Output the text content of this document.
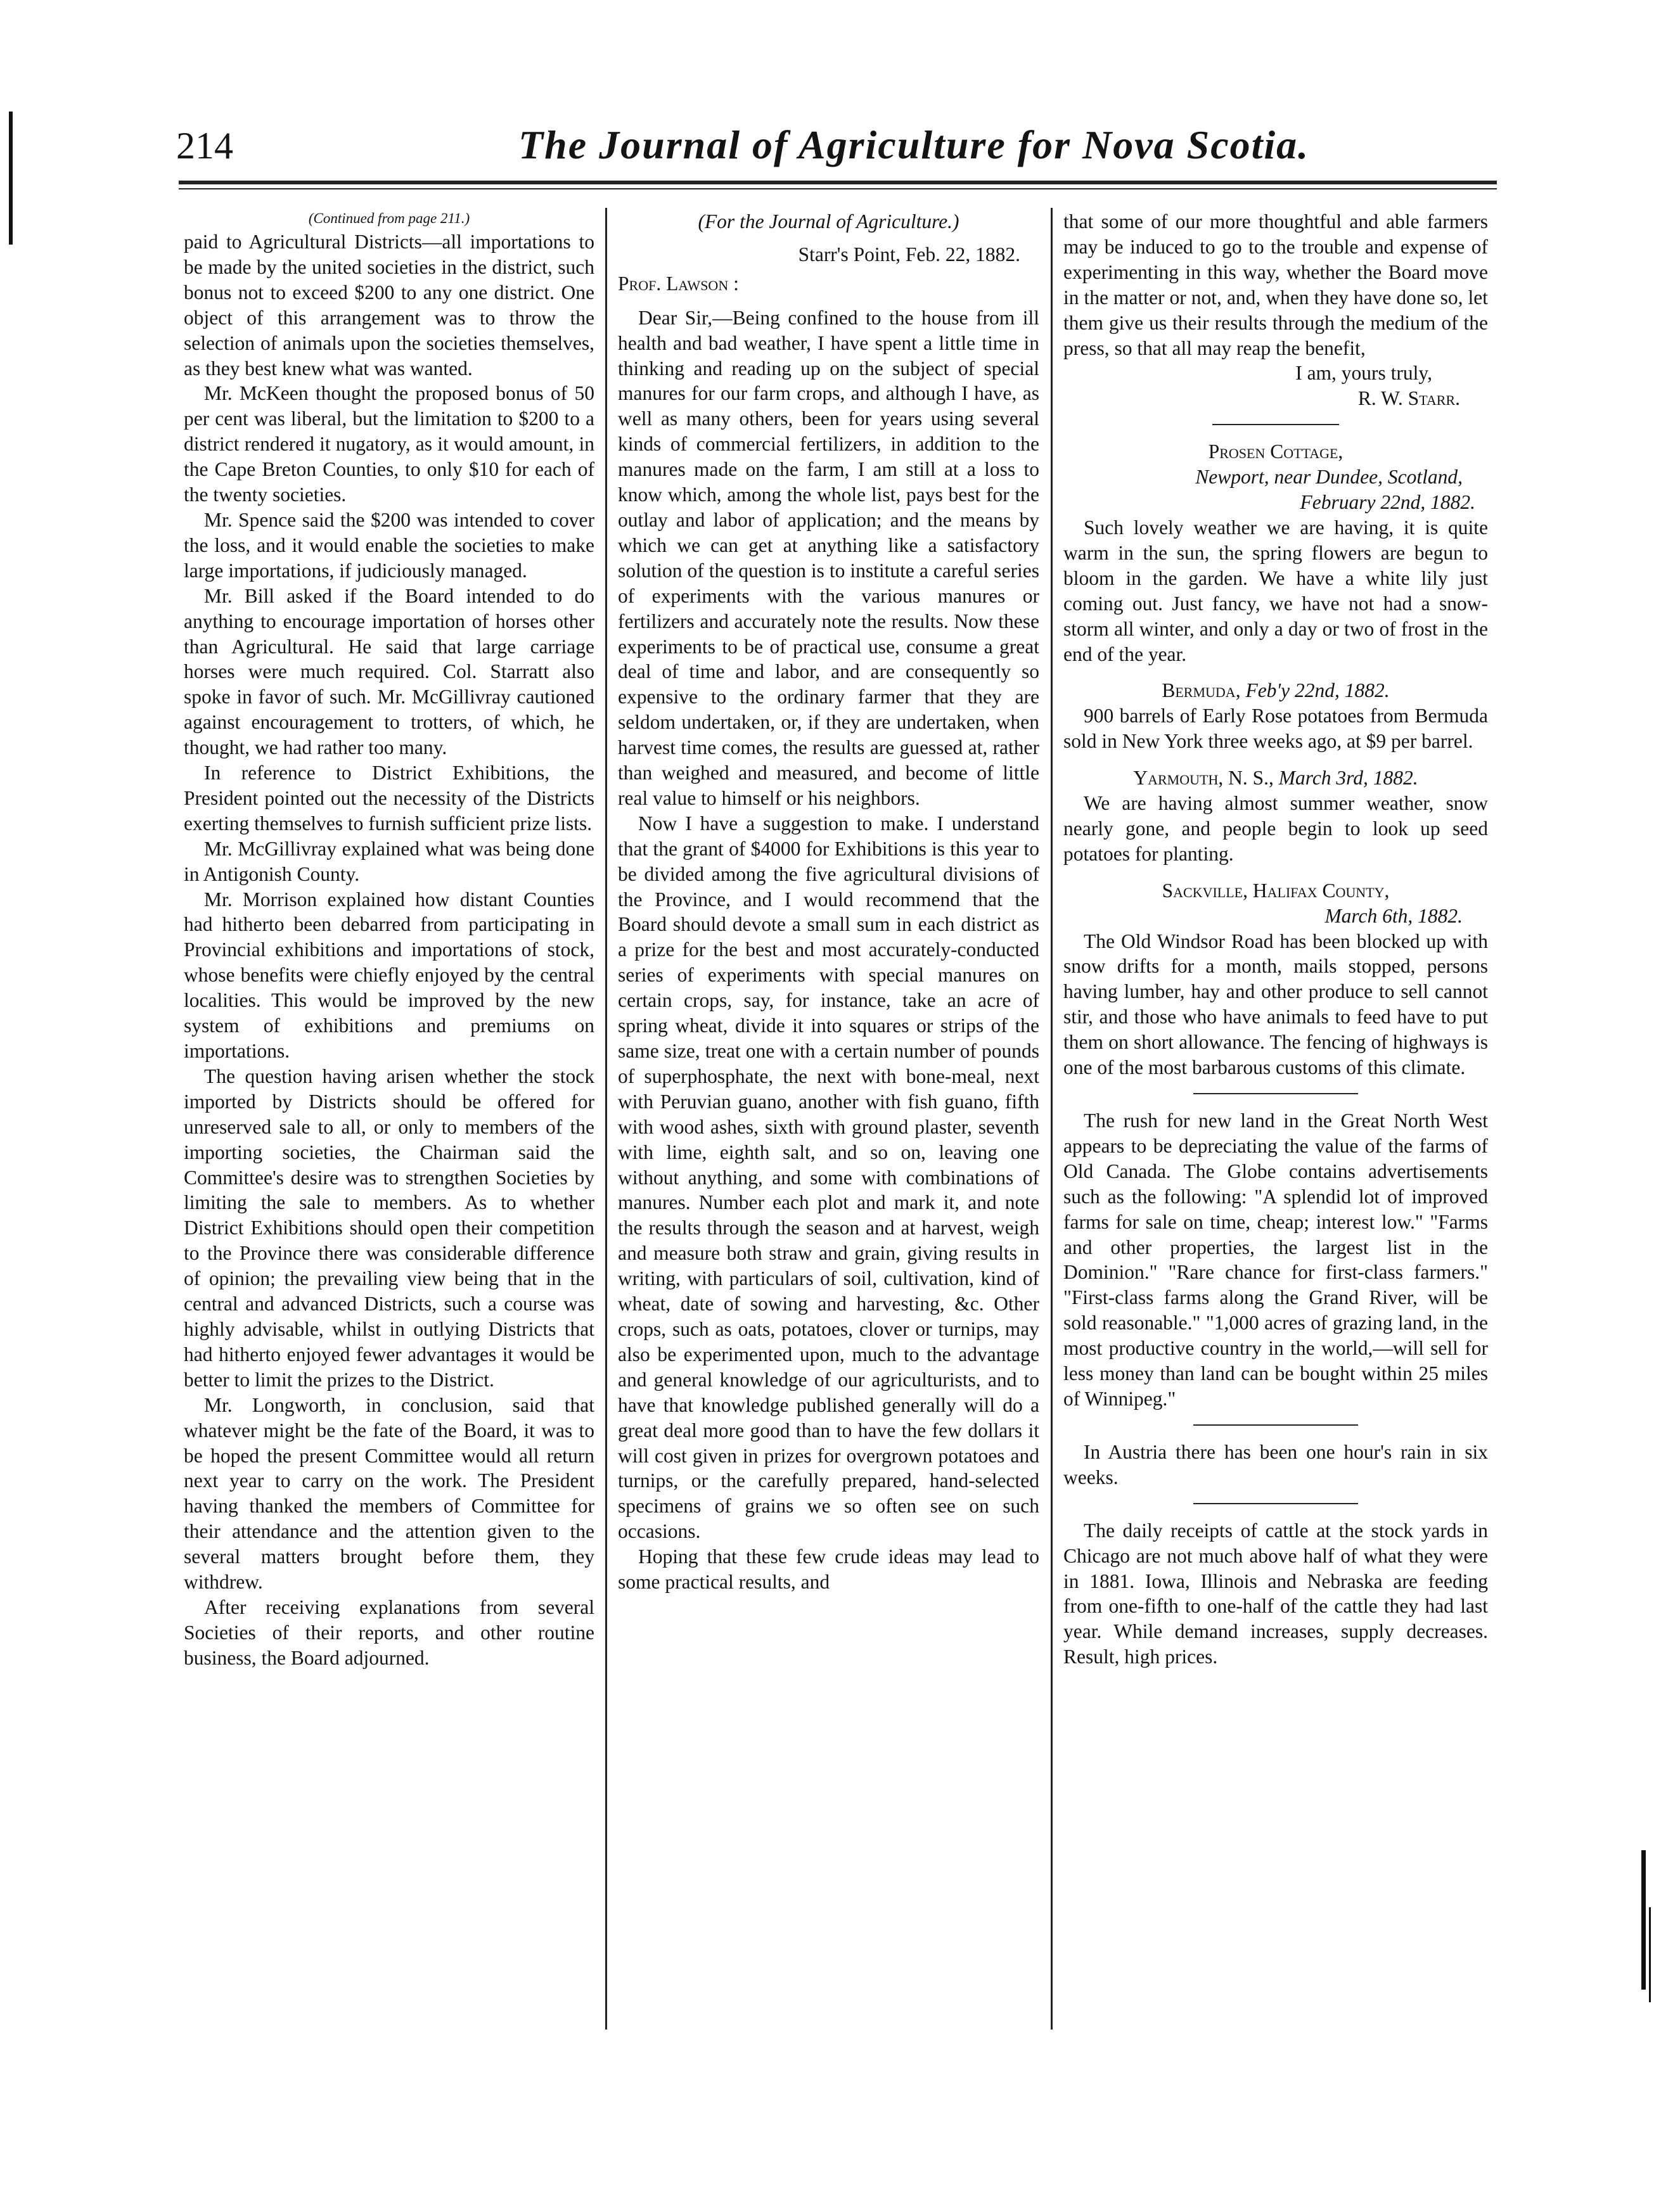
214	The Journal of Agriculture for Nova Scotia.
(Continued from page 211.)

paid to Agricultural Districts—all importations to be made by the united societies in the district, such bonus not to exceed $200 to any one district. One object of this arrangement was to throw the selection of animals upon the societies themselves, as they best knew what was wanted.

Mr. McKeen thought the proposed bonus of 50 per cent was liberal, but the limitation to $200 to a district rendered it nugatory, as it would amount, in the Cape Breton Counties, to only $10 for each of the twenty societies.

Mr. Spence said the $200 was intended to cover the loss, and it would enable the societies to make large importations, if judiciously managed.

Mr. Bill asked if the Board intended to do anything to encourage importation of horses other than Agricultural. He said that large carriage horses were much required. Col. Starratt also spoke in favor of such. Mr. McGillivray cautioned against encouragement to trotters, of which, he thought, we had rather too many.

In reference to District Exhibitions, the President pointed out the necessity of the Districts exerting themselves to furnish sufficient prize lists.

Mr. McGillivray explained what was being done in Antigonish County.

Mr. Morrison explained how distant Counties had hitherto been debarred from participating in Provincial exhibitions and importations of stock, whose benefits were chiefly enjoyed by the central localities. This would be improved by the new system of exhibitions and premiums on importations.

The question having arisen whether the stock imported by Districts should be offered for unreserved sale to all, or only to members of the importing societies, the Chairman said the Committee's desire was to strengthen Societies by limiting the sale to members. As to whether District Exhibitions should open their competition to the Province there was considerable difference of opinion; the prevailing view being that in the central and advanced Districts, such a course was highly advisable, whilst in outlying Districts that had hitherto enjoyed fewer advantages it would be better to limit the prizes to the District.

Mr. Longworth, in conclusion, said that whatever might be the fate of the Board, it was to be hoped the present Committee would all return next year to carry on the work. The President having thanked the members of Committee for their attendance and the attention given to the several matters brought before them, they withdrew.

After receiving explanations from several Societies of their reports, and other routine business, the Board adjourned.

(For the Journal of Agriculture.)
Starr's Point, Feb. 22, 1882.
Prof. Lawson :

Dear Sir,—Being confined to the house from ill health and bad weather, I have spent a little time in thinking and reading up on the subject of special manures for our farm crops, and although I have, as well as many others, been for years using several kinds of commercial fertilizers, in addition to the manures made on the farm, I am still at a loss to know which, among the whole list, pays best for the outlay and labor of application; and the means by which we can get at anything like a satisfactory solution of the question is to institute a careful series of experiments with the various manures or fertilizers and accurately note the results. Now these experiments to be of practical use, consume a great deal of time and labor, and are consequently so expensive to the ordinary farmer that they are seldom undertaken, or, if they are undertaken, when harvest time comes, the results are guessed at, rather than weighed and measured, and become of little real value to himself or his neighbors.

Now I have a suggestion to make. I understand that the grant of $4000 for Exhibitions is this year to be divided among the five agricultural divisions of the Province, and I would recommend that the Board should devote a small sum in each district as a prize for the best and most accurately-conducted series of experiments with special manures on certain crops, say, for instance, take an acre of spring wheat, divide it into squares or strips of the same size, treat one with a certain number of pounds of superphosphate, the next with bone-meal, next with Peruvian guano, another with fish guano, fifth with wood ashes, sixth with ground plaster, seventh with lime, eighth salt, and so on, leaving one without anything, and some with combinations of manures. Number each plot and mark it, and note the results through the season and at harvest, weigh and measure both straw and grain, giving results in writing, with particulars of soil, cultivation, kind of wheat, date of sowing and harvesting, &c. Other crops, such as oats, potatoes, clover or turnips, may also be experimented upon, much to the advantage and general knowledge of our agriculturists, and to have that knowledge published generally will do a great deal more good than to have the few dollars it will cost given in prizes for overgrown potatoes and turnips, or the carefully prepared, hand-selected specimens of grains we so often see on such occasions.

Hoping that these few crude ideas may lead to some practical results, and

that some of our more thoughtful and able farmers may be induced to go to the trouble and expense of experimenting in this way, whether the Board move in the matter or not, and, when they have done so, let them give us their results through the medium of the press, so that all may reap the benefit,

I am, yours truly,
R. W. Starr.
Prosen Cottage,
Newport, near Dundee, Scotland,
February 22nd, 1882.

Such lovely weather we are having, it is quite warm in the sun, the spring flowers are begun to bloom in the garden. We have a white lily just coming out. Just fancy, we have not had a snow-storm all winter, and only a day or two of frost in the end of the year.

Bermuda, Feb'y 22nd, 1882.

900 barrels of Early Rose potatoes from Bermuda sold in New York three weeks ago, at $9 per barrel.

Yarmouth, N. S., March 3rd, 1882.

We are having almost summer weather, snow nearly gone, and people begin to look up seed potatoes for planting.

Sackville, Halifax County,
March 6th, 1882.

The Old Windsor Road has been blocked up with snow drifts for a month, mails stopped, persons having lumber, hay and other produce to sell cannot stir, and those who have animals to feed have to put them on short allowance. The fencing of highways is one of the most barbarous customs of this climate.

The rush for new land in the Great North West appears to be depreciating the value of the farms of Old Canada. The Globe contains advertisements such as the following: "A splendid lot of improved farms for sale on time, cheap; interest low." "Farms and other properties, the largest list in the Dominion." "Rare chance for first-class farmers." "First-class farms along the Grand River, will be sold reasonable." "1,000 acres of grazing land, in the most productive country in the world,—will sell for less money than land can be bought within 25 miles of Winnipeg."

In Austria there has been one hour's rain in six weeks.

The daily receipts of cattle at the stock yards in Chicago are not much above half of what they were in 1881. Iowa, Illinois and Nebraska are feeding from one-fifth to one-half of the cattle they had last year. While demand increases, supply decreases. Result, high prices.
